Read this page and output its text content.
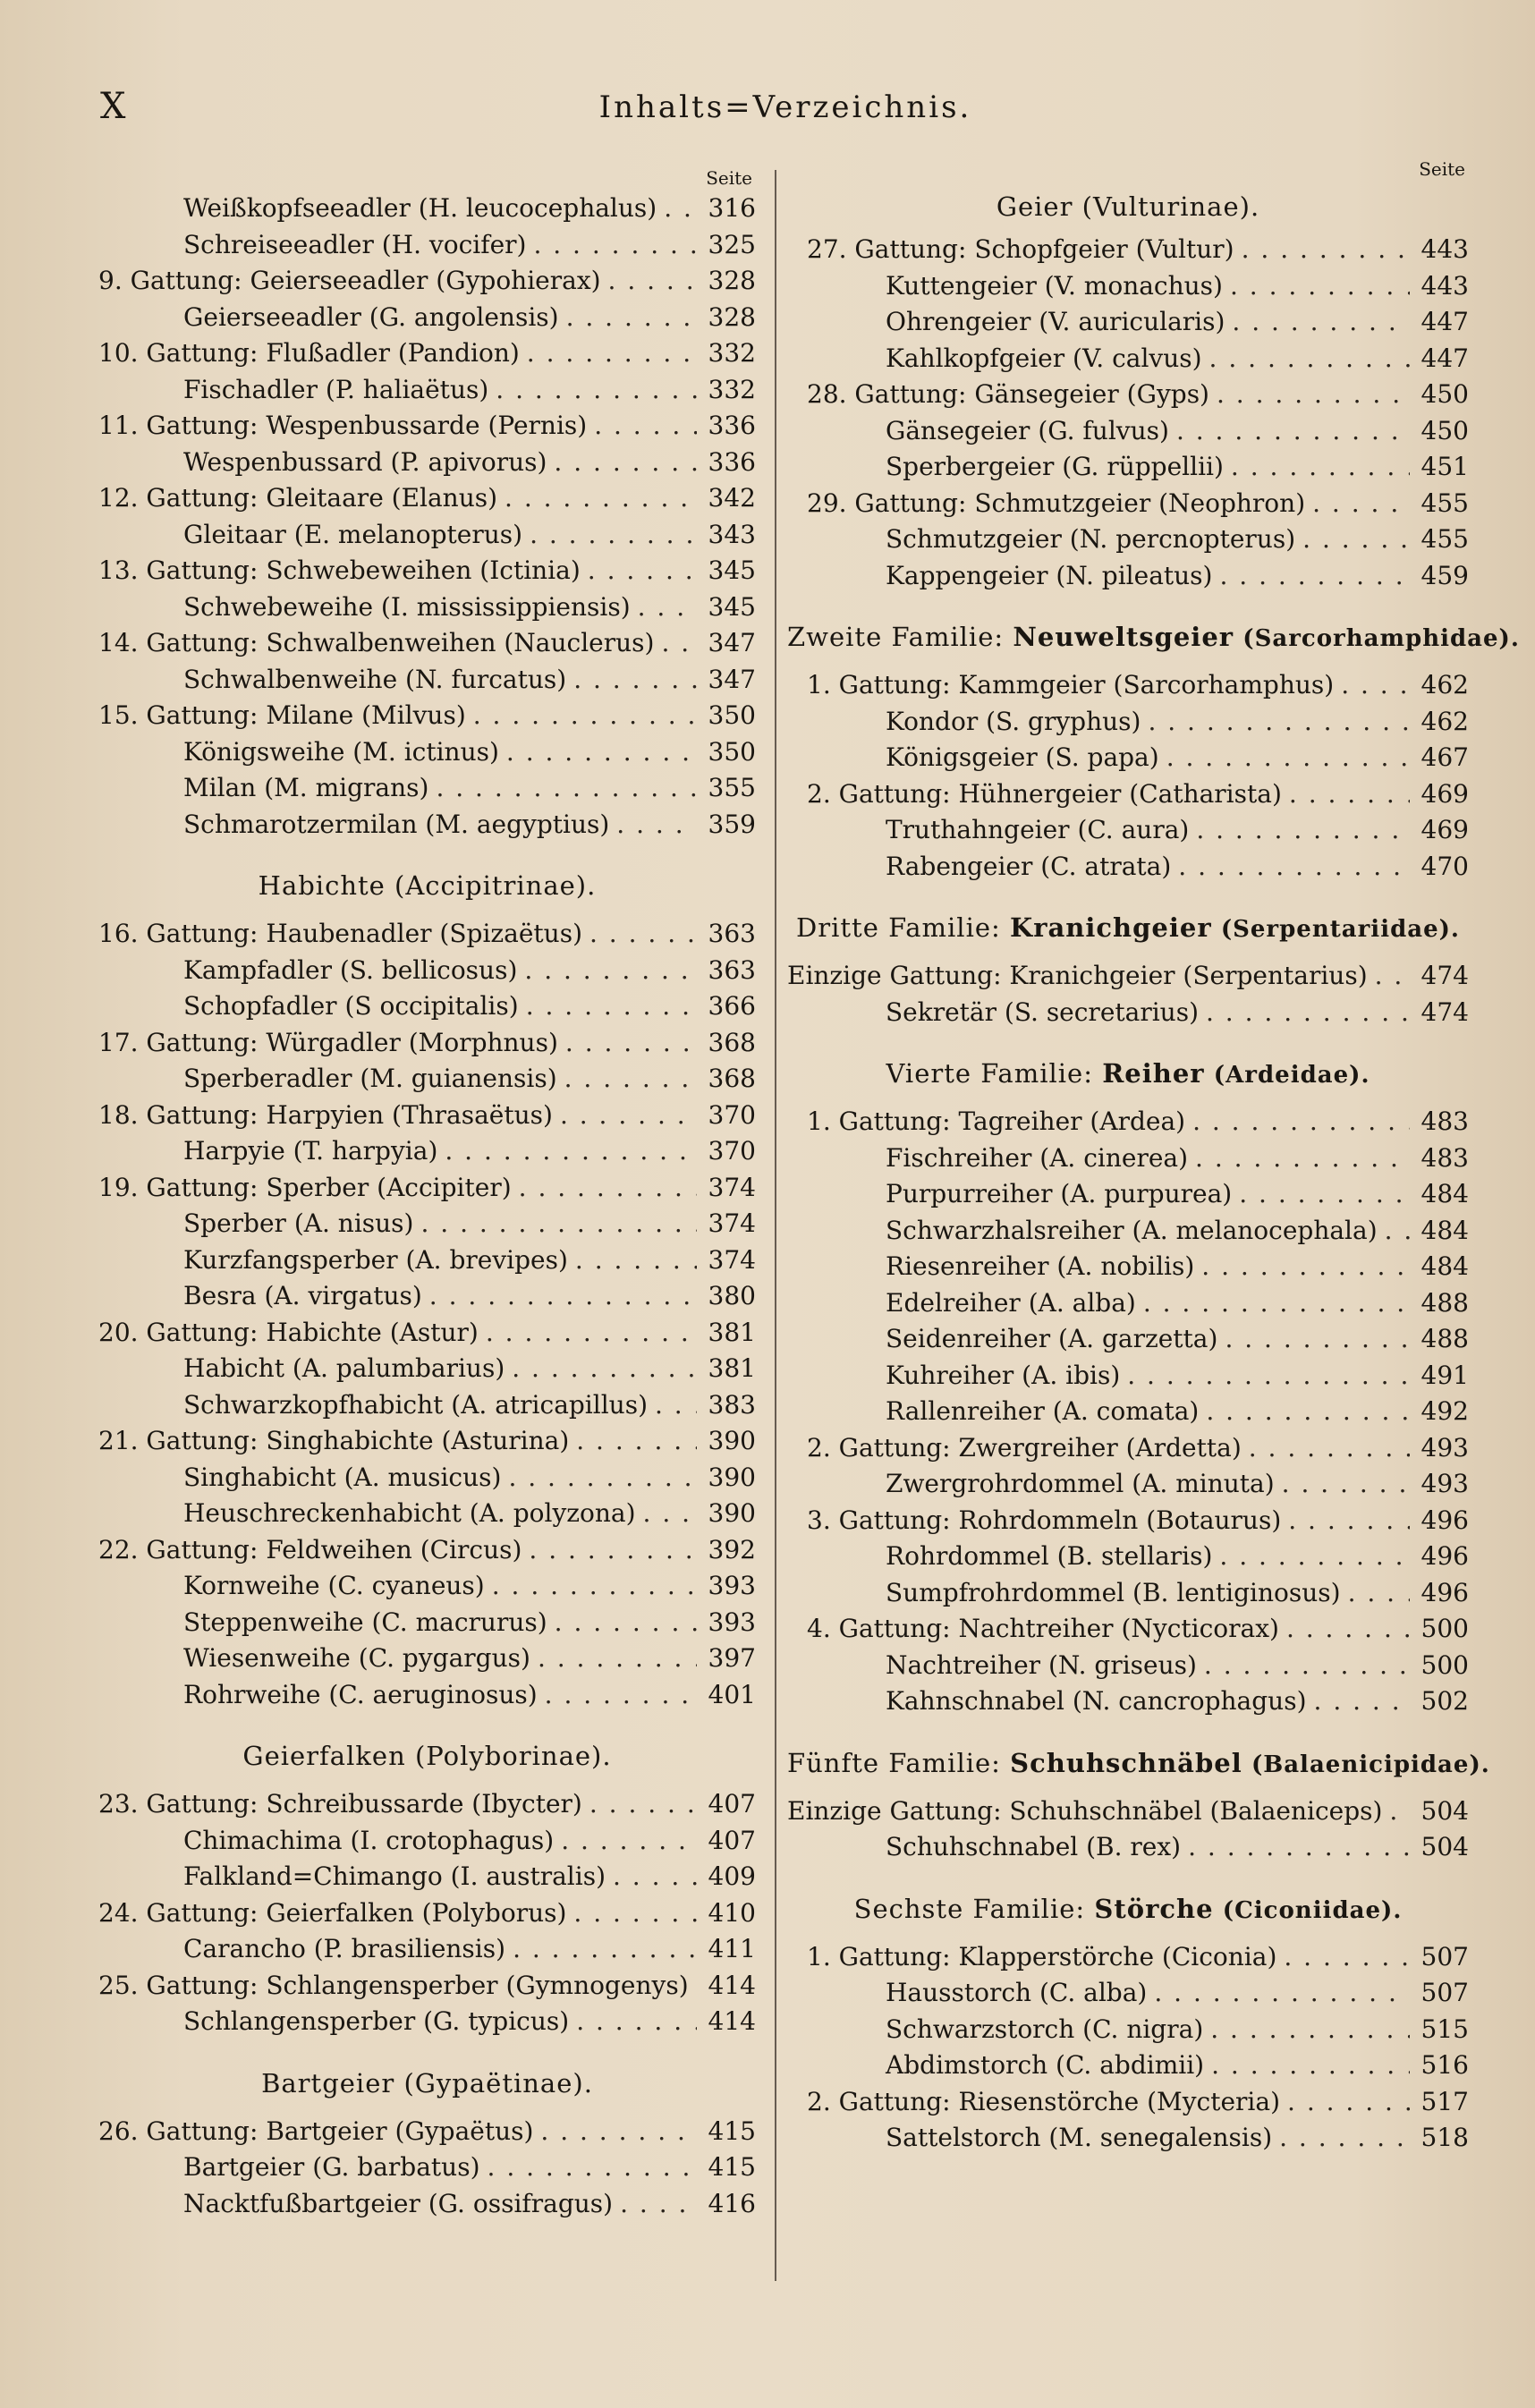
X	Inhalts=Verzeichnis.
Seite
Weißkopfseeadler (H. leucocephalus) . . . 316
Schreiseeadler (H. vocifer) . . .	325
9. Gattung: Geierseeadler (Gypohierax) . . .	328
Geierseeadler (G. angolensis) . . .	328
10. Gattung: Flußadler (Pandion) . . .	332
Fischadler (P. haliaëtus) . . .	332
11. Gattung: Wespenbussarde (Pernis) . . .	336
Wespenbussard (P. apivorus) . . .	336
12. Gattung: Gleitaare (Elanus) . . .	342
Gleitaar (E. melanopterus) . . .	343
13. Gattung: Schwebeweihen (Ictinia) . . .	345
Schwebeweihe (I. mississippiensis) . . .	345
14. Gattung: Schwalbenweihen (Nauclerus) . . . 347
Schwalbenweihe (N. furcatus) . . .	347
15. Gattung: Milane (Milvus) . . .	350
Königsweihe (M. ictinus) . . .	350
Milan (M. migrans) . . .	355
Schmarotzermilan (M. aegyptius) . . .	359
Habichte (Accipitrinae).
16. Gattung: Haubenadler (Spizaëtus) . . .	363
Kampfadler (S. bellicosus) . . .	363
Schopfadler (S occipitalis) . . .	366
17. Gattung: Würgadler (Morphnus) . . .	368
Sperberadler (M. guianensis) . . .	368
18. Gattung: Harpyien (Thrasaëtus) . . .	370
Harpyie (T. harpyia) . . .	370
19. Gattung: Sperber (Accipiter) . . .	374
Sperber (A. nisus) . . .	374
Kurzfangsperber (A. brevipes) . . .	374
Besra (A. virgatus) . . .	380
20. Gattung: Habichte (Astur) . . .	381
Habicht (A. palumbarius) . . .	381
Schwarzkopfhabicht (A. atricapillus) . . . 383
21. Gattung: Singhabichte (Asturina) . . .	390
Singhabicht (A. musicus) . . .	390
Heuschreckenhabicht (A. polyzona) . . .	390
22. Gattung: Feldweihen (Circus) . . .	392
Kornweihe (C. cyaneus) . . .	393
Steppenweihe (C. macrurus) . . .	393
Wiesenweihe (C. pygargus) . . .	397
Rohrweihe (C. aeruginosus) . . .	401
Geierfalken (Polyborinae).
23. Gattung: Schreibussarde (Ibycter) . . .	407
Chimachima (I. crotophagus) . . .	407
Falkland=Chimango (I. australis) . . .	409
24. Gattung: Geierfalken (Polyborus) . . .	410
Carancho (P. brasiliensis) . . .	411
25. Gattung: Schlangensperber (Gymnogenys) . . . 414
Schlangensperber (G. typicus) . . .	414
Bartgeier (Gypaëtinae).
26. Gattung: Bartgeier (Gypaëtus) . . .	415
Bartgeier (G. barbatus) . . .	415
Nacktfußbartgeier (G. ossifragus) . . .	416
Seite
Geier (Vulturinae).
27. Gattung: Schopfgeier (Vultur) . . .	443
Kuttengeier (V. monachus) . . .	443
Ohrengeier (V. auricularis) . . .	447
Kahlkopfgeier (V. calvus) . . .	447
28. Gattung: Gänsegeier (Gyps) . . .	450
Gänsegeier (G. fulvus) . . .	450
Sperbergeier (G. rüppellii) . . .	451
29. Gattung: Schmutzgeier (Neophron) . . .	455
Schmutzgeier (N. percnopterus) . . .	455
Kappengeier (N. pileatus) . . .	459
Zweite Familie: Neuweltsgeier (Sarcorhamphidae).
1. Gattung: Kammgeier (Sarcorhamphus) . . .	462
Kondor (S. gryphus) . . .	462
Königsgeier (S. papa) . . .	467
2. Gattung: Hühnergeier (Catharista) . . .	469
Truthahngeier (C. aura) . . .	469
Rabengeier (C. atrata) . . .	470
Dritte Familie: Kranichgeier (Serpentariidae).
Einzige Gattung: Kranichgeier (Serpentarius) . . . 474
Sekretär (S. secretarius) . . .	474
Vierte Familie: Reiher (Ardeidae).
1. Gattung: Tagreiher (Ardea) . . .	483
Fischreiher (A. cinerea) . . .	483
Purpurreiher (A. purpurea) . . .	484
Schwarzhalsreiher (A. melanocephala) . . . 484
Riesenreiher (A. nobilis) . . .	484
Edelreiher (A. alba) . . .	488
Seidenreiher (A. garzetta) . . .	488
Kuhreiher (A. ibis) . . .	491
Rallenreiher (A. comata) . . .	492
2. Gattung: Zwergreiher (Ardetta) . . .	493
Zwergrohrdommel (A. minuta) . . .	493
3. Gattung: Rohrdommeln (Botaurus) . . .	496
Rohrdommel (B. stellaris) . . .	496
Sumpfrohrdommel (B. lentiginosus) . . .	496
4. Gattung: Nachtreiher (Nycticorax) . . .	500
Nachtreiher (N. griseus) . . .	500
Kahnschnabel (N. cancrophagus) . . .	502
Fünfte Familie: Schuhschnäbel (Balaenicipidae).
Einzige Gattung: Schuhschnäbel (Balaeniceps) . . . 504
Schuhschnabel (B. rex) . . .	504
Sechste Familie: Störche (Ciconiidae).
1. Gattung: Klapperstörche (Ciconia) . . .	507
Hausstorch (C. alba) . . .	507
Schwarzstorch (C. nigra) . . .	515
Abdimstorch (C. abdimii) . . .	516
2. Gattung: Riesenstörche (Mycteria) . . .	517
Sattelstorch (M. senegalensis) . . .	518
